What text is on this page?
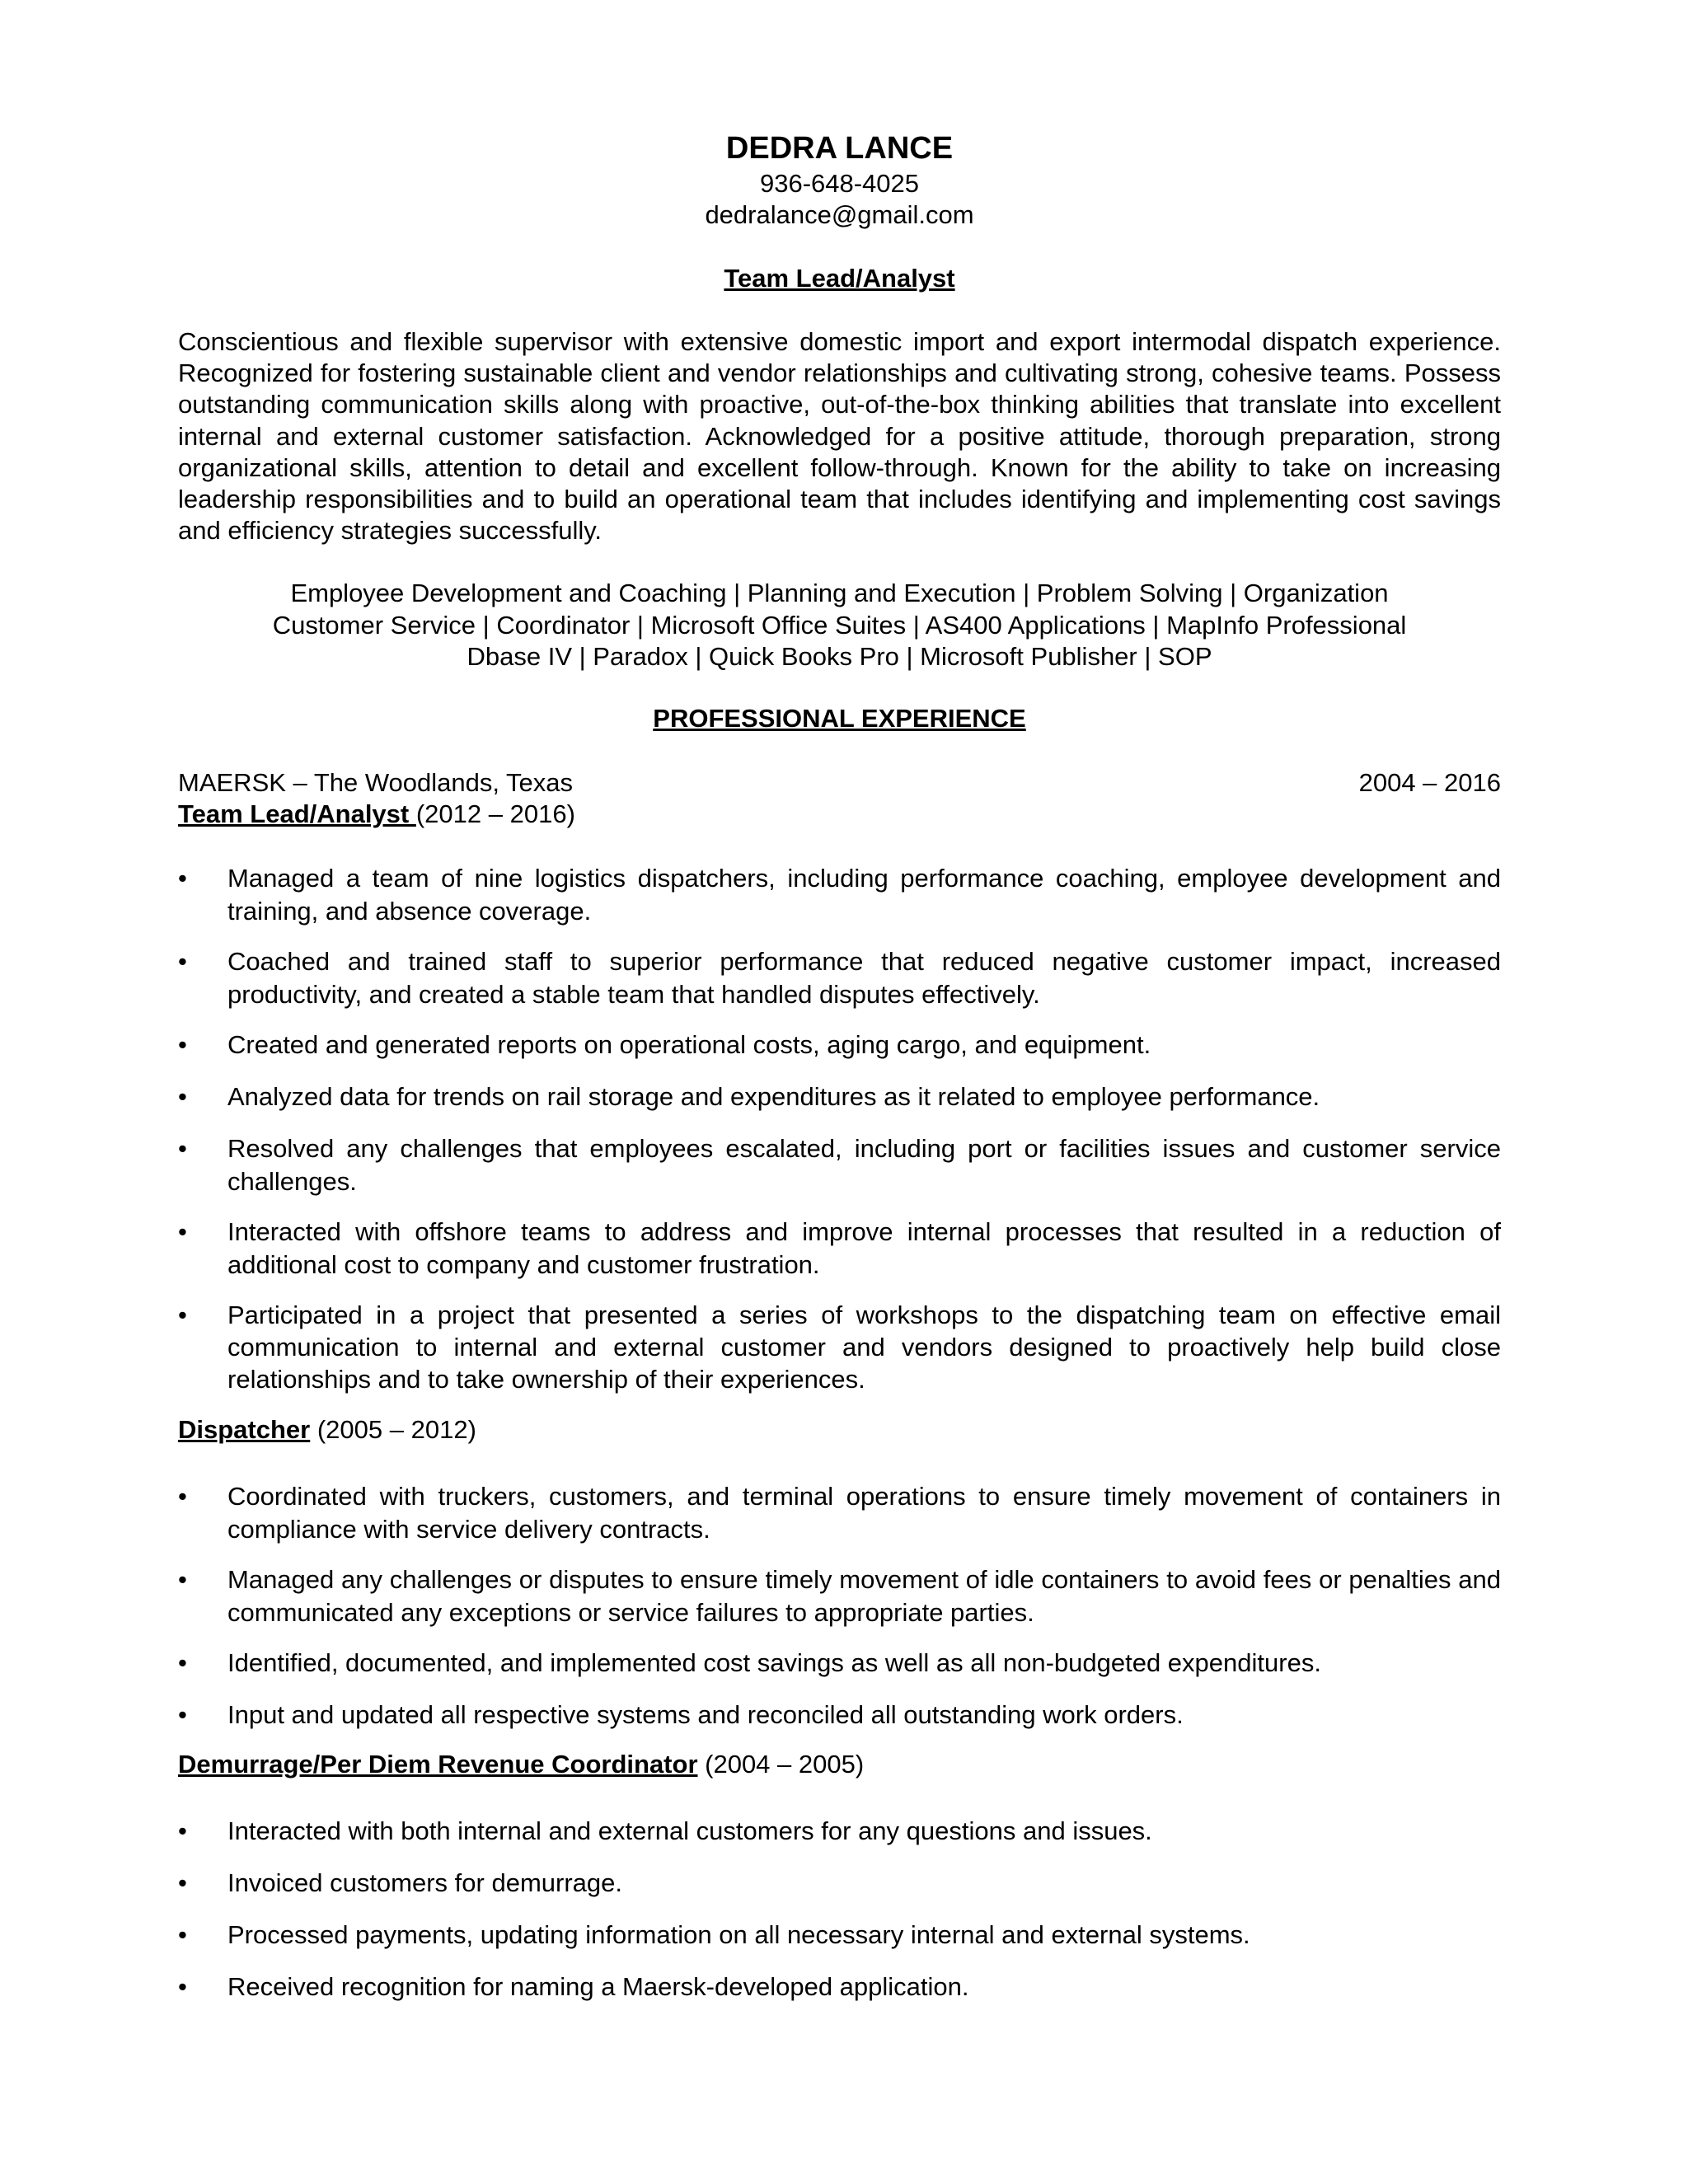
DEDRA LANCE
936-648-4025
dedralance@gmail.com
Team Lead/Analyst
Conscientious and flexible supervisor with extensive domestic import and export intermodal dispatch experience. Recognized for fostering sustainable client and vendor relationships and cultivating strong, cohesive teams. Possess outstanding communication skills along with proactive, out-of-the-box thinking abilities that translate into excellent internal and external customer satisfaction. Acknowledged for a positive attitude, thorough preparation, strong organizational skills, attention to detail and excellent follow-through. Known for the ability to take on increasing leadership responsibilities and to build an operational team that includes identifying and implementing cost savings and efficiency strategies successfully.
Employee Development and Coaching | Planning and Execution | Problem Solving | Organization
Customer Service | Coordinator | Microsoft Office Suites | AS400 Applications | MapInfo Professional
Dbase IV | Paradox | Quick Books Pro | Microsoft Publisher | SOP
PROFESSIONAL EXPERIENCE
MAERSK – The Woodlands, Texas	2004 – 2016
Team Lead/Analyst (2012 – 2016)
• Managed a team of nine logistics dispatchers, including performance coaching, employee development and training, and absence coverage.
• Coached and trained staff to superior performance that reduced negative customer impact, increased productivity, and created a stable team that handled disputes effectively.
• Created and generated reports on operational costs, aging cargo, and equipment.
• Analyzed data for trends on rail storage and expenditures as it related to employee performance.
• Resolved any challenges that employees escalated, including port or facilities issues and customer service challenges.
• Interacted with offshore teams to address and improve internal processes that resulted in a reduction of additional cost to company and customer frustration.
• Participated in a project that presented a series of workshops to the dispatching team on effective email communication to internal and external customer and vendors designed to proactively help build close relationships and to take ownership of their experiences.
Dispatcher (2005 – 2012)
• Coordinated with truckers, customers, and terminal operations to ensure timely movement of containers in compliance with service delivery contracts.
• Managed any challenges or disputes to ensure timely movement of idle containers to avoid fees or penalties and communicated any exceptions or service failures to appropriate parties.
• Identified, documented, and implemented cost savings as well as all non-budgeted expenditures.
• Input and updated all respective systems and reconciled all outstanding work orders.
Demurrage/Per Diem Revenue Coordinator (2004 – 2005)
• Interacted with both internal and external customers for any questions and issues.
• Invoiced customers for demurrage.
• Processed payments, updating information on all necessary internal and external systems.
• Received recognition for naming a Maersk-developed application.
